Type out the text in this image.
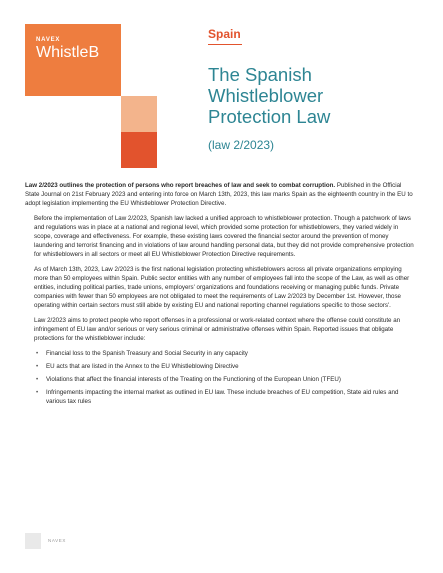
NAVEX
WhistleB
Spain
The Spanish Whistleblower Protection Law
(law 2/2023)

Law 2/2023 outlines the protection of persons who report breaches of law and seek to combat corruption. Published in the Official State Journal on 21st February 2023 and entering into force on March 13th, 2023, this law marks Spain as the eighteenth country in the EU to adopt legislation implementing the EU Whistleblower Protection Directive.

Before the implementation of Law 2/2023, Spanish law lacked a unified approach to whistleblower protection. Though a patchwork of laws and regulations was in place at a national and regional level, which provided some protection for whistleblowers, they varied widely in scope, coverage and effectiveness. For example, these existing laws covered the financial sector around the prevention of money laundering and terrorist financing and in violations of law around handling personal data, but they did not provide comprehensive protection for whistleblowers in all sectors or meet all EU Whistleblower Protection Directive requirements.

As of March 13th, 2023, Law 2/2023 is the first national legislation protecting whistleblowers across all private organizations employing more than 50 employees within Spain. Public sector entities with any number of employees fall into the scope of the Law, as well as other entities, including political parties, trade unions, employers' organizations and foundations receiving or managing public funds. Private companies with fewer than 50 employees are not obligated to meet the requirements of Law 2/2023 by December 1st. However, those operating within certain sectors must still abide by existing EU and national reporting channel regulations specific to those sectors'.

Law 2/2023 aims to protect people who report offenses in a professional or work-related context where the offense could constitute an infringement of EU law and/or serious or very serious criminal or administrative offenses within Spain. Reported issues that obligate protections for the whistleblower include:

• Financial loss to the Spanish Treasury and Social Security in any capacity
• EU acts that are listed in the Annex to the EU Whistleblowing Directive
• Violations that affect the financial interests of the Treating on the Functioning of the European Union (TFEU)
• Infringements impacting the internal market as outlined in EU law. These include breaches of EU competition, State aid rules and various tax rules
NAVEX
